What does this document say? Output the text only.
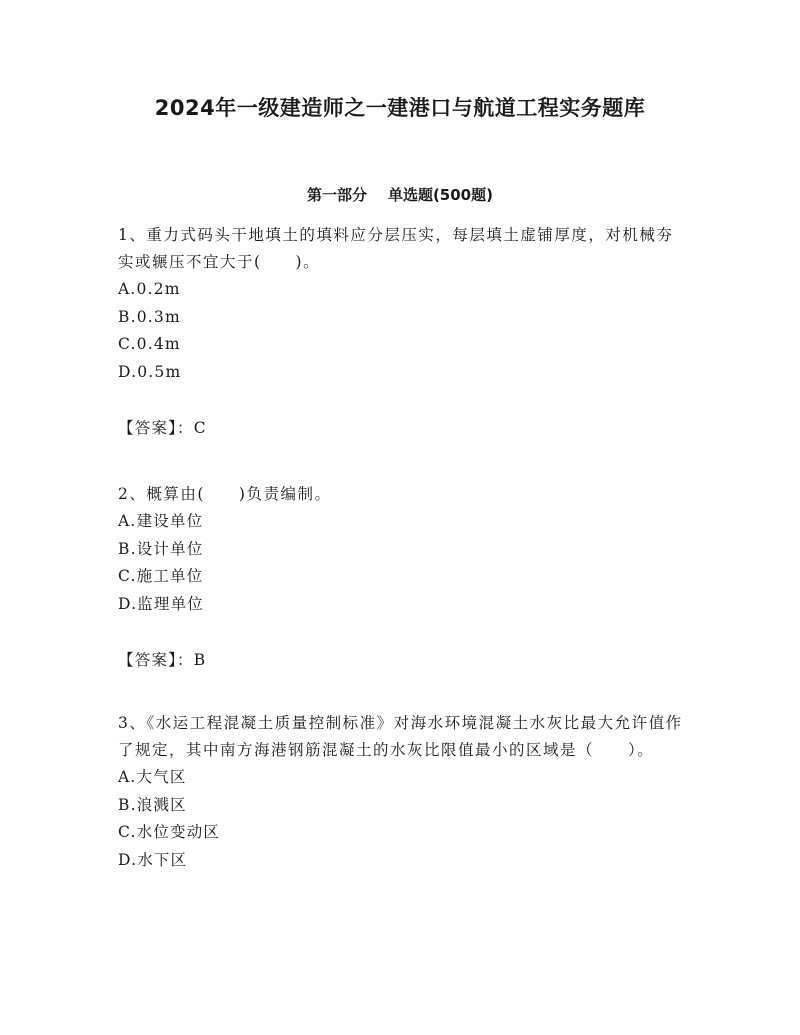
2024年一级建造师之一建港口与航道工程实务题库
第一部分 单选题(500题)

1、重力式码头干地填土的填料应分层压实，每层填土虚铺厚度，对机械夯实或辗压不宜大于(　　)。

A.0.2m
B.0.3m
C.0.4m
D.0.5m
【答案】：C

2、概算由(　　)负责编制。

A.建设单位
B.设计单位
C.施工单位
D.监理单位
【答案】：B

3、《水运工程混凝土质量控制标准》对海水环境混凝土水灰比最大允许值作了规定，其中南方海港钢筋混凝土的水灰比限值最小的区域是（　　）。

A.大气区
B.浪溅区
C.水位变动区
D.水下区
